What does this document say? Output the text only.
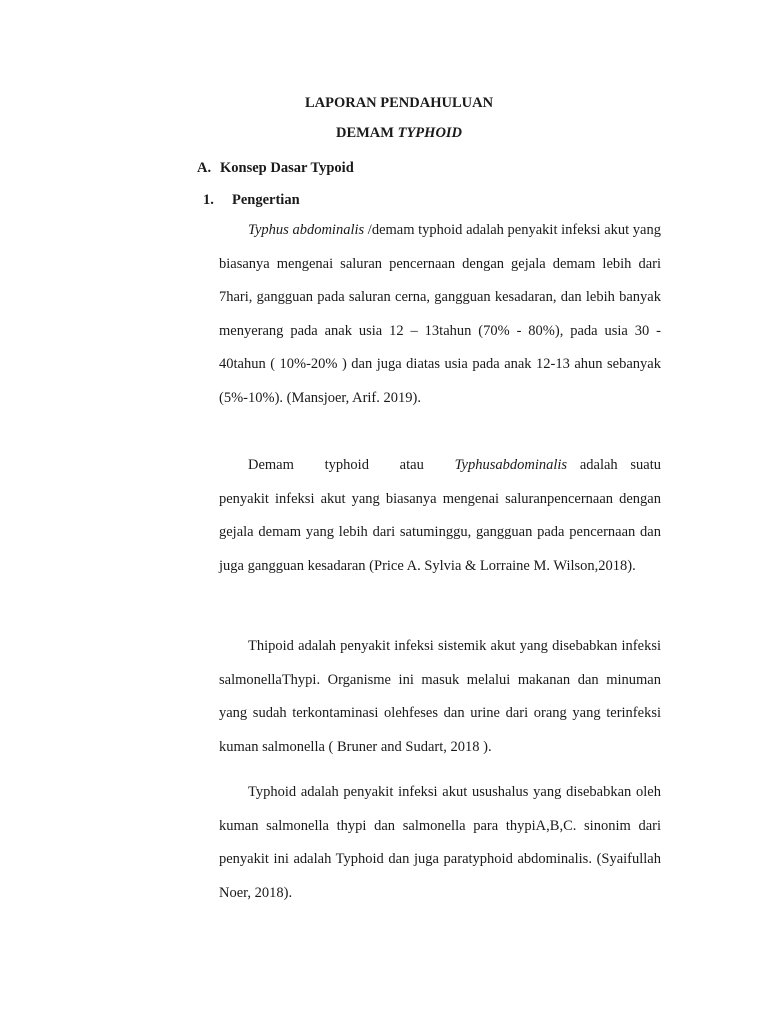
LAPORAN PENDAHULUAN

DEMAM TYPHOID

A. Konsep Dasar Typoid

1. Pengertian

Typhus abdominalis /demam typhoid adalah penyakit infeksi akut yang biasanya mengenai saluran pencernaan dengan gejala demam lebih dari 7hari, gangguan pada saluran cerna, gangguan kesadaran, dan lebih banyak menyerang pada anak usia 12 – 13tahun (70% - 80%), pada usia 30 - 40tahun ( 10%-20% ) dan juga diatas usia pada anak 12-13 ahun sebanyak (5%-10%). (Mansjoer, Arif. 2019).

Demam typhoid atau Typhusabdominalis adalah suatu penyakit infeksi akut yang biasanya mengenai saluranpencernaan dengan gejala demam yang lebih dari satuminggu, gangguan pada pencernaan dan juga gangguan kesadaran (Price A. Sylvia & Lorraine M. Wilson,2018).

Thipoid adalah penyakit infeksi sistemik akut yang disebabkan infeksi salmonellaThypi. Organisme ini masuk melalui makanan dan minuman yang sudah terkontaminasi olehfeses dan urine dari orang yang terinfeksi kuman salmonella ( Bruner and Sudart, 2018 ).

Typhoid adalah penyakit infeksi akut usushalus yang disebabkan oleh kuman salmonella thypi dan salmonella para thypiA,B,C. sinonim dari penyakit ini adalah Typhoid dan juga paratyphoid abdominalis. (Syaifullah Noer, 2018).
